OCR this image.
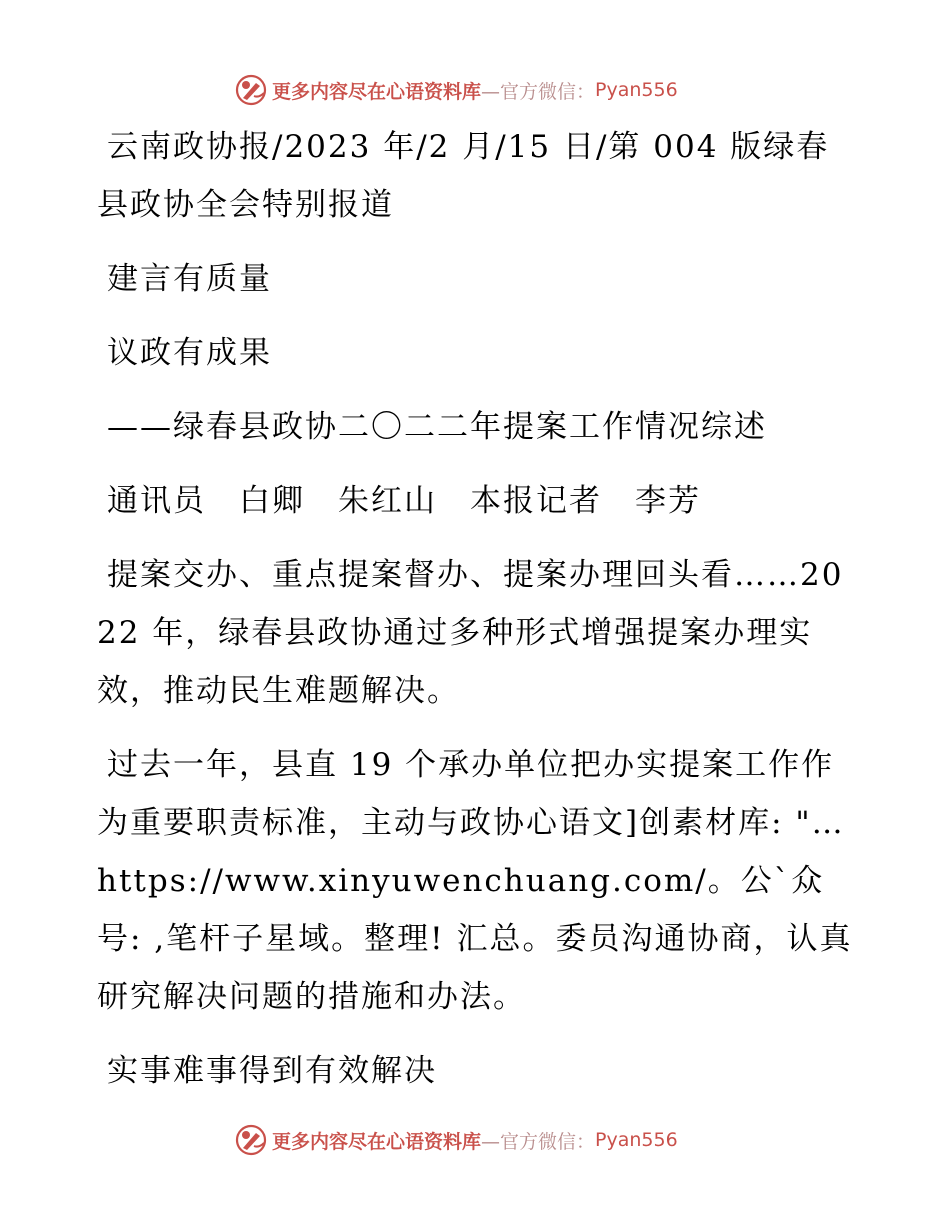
更多内容尽在心语资料库 —官方微信： Pyan556

云南政协报/2023 年/2 月/15 日/第 004 版绿春县政协全会特别报道

建言有质量

议政有成果

——绿春县政协二〇二二年提案工作情况综述

通讯员　白卿　朱红山　本报记者　李芳

提案交办、重点提案督办、提案办理回头看……2022 年，绿春县政协通过多种形式增强提案办理实效，推动民生难题解决。

过去一年，县直 19 个承办单位把办实提案工作作为重要职责标准，主动与政协心语文]创素材库: "…https://www.xinyuwenchuang.com/。公`众号: ,笔杆子星域。整理! 汇总。委员沟通协商，认真研究解决问题的措施和办法。

实事难事得到有效解决

更多内容尽在心语资料库 —官方微信： Pyan556
